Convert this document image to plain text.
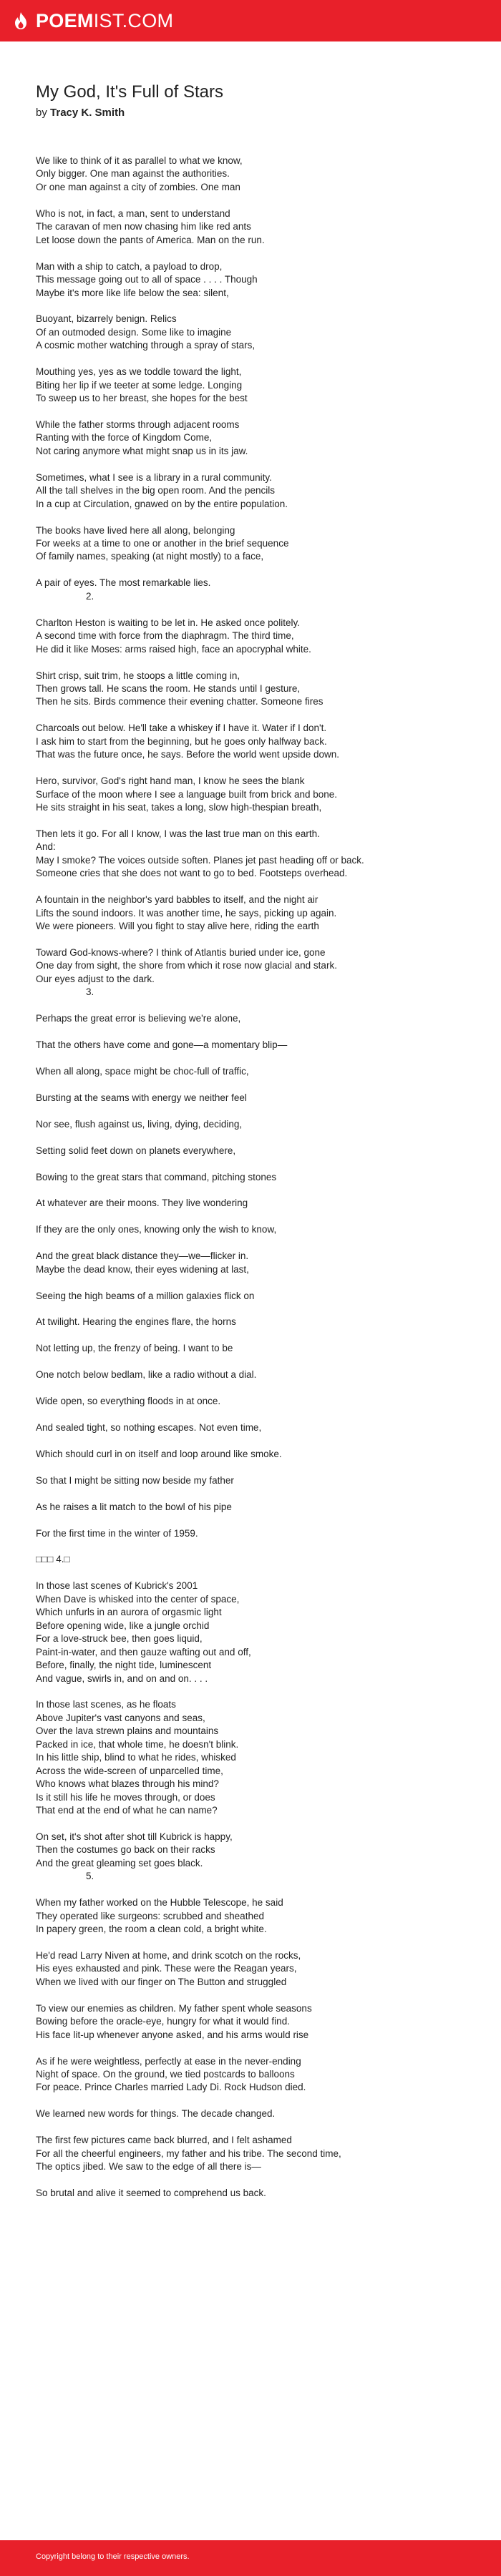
POEMIST.COM
My God, It's Full of Stars
by Tracy K. Smith
We like to think of it as parallel to what we know,
Only bigger. One man against the authorities.
Or one man against a city of zombies. One man
Who is not, in fact, a man, sent to understand
The caravan of men now chasing him like red ants
Let loose down the pants of America. Man on the run.
Man with a ship to catch, a payload to drop,
This message going out to all of space . . . . Though
Maybe it's more like life below the sea: silent,
Buoyant, bizarrely benign. Relics
Of an outmoded design. Some like to imagine
A cosmic mother watching through a spray of stars,
Mouthing yes, yes as we toddle toward the light,
Biting her lip if we teeter at some ledge. Longing
To sweep us to her breast, she hopes for the best
While the father storms through adjacent rooms
Ranting with the force of Kingdom Come,
Not caring anymore what might snap us in its jaw.
Sometimes, what I see is a library in a rural community.
All the tall shelves in the big open room. And the pencils
In a cup at Circulation, gnawed on by the entire population.
The books have lived here all along, belonging
For weeks at a time to one or another in the brief sequence
Of family names, speaking (at night mostly) to a face,
A pair of eyes. The most remarkable lies.
2.
Charlton Heston is waiting to be let in. He asked once politely.
A second time with force from the diaphragm. The third time,
He did it like Moses: arms raised high, face an apocryphal white.
Shirt crisp, suit trim, he stoops a little coming in,
Then grows tall. He scans the room. He stands until I gesture,
Then he sits. Birds commence their evening chatter. Someone fires
Charcoals out below. He'll take a whiskey if I have it. Water if I don't.
I ask him to start from the beginning, but he goes only halfway back.
That was the future once, he says. Before the world went upside down.
Hero, survivor, God's right hand man, I know he sees the blank
Surface of the moon where I see a language built from brick and bone.
He sits straight in his seat, takes a long, slow high-thespian breath,
Then lets it go. For all I know, I was the last true man on this earth.
And:
May I smoke? The voices outside soften. Planes jet past heading off or back.
Someone cries that she does not want to go to bed. Footsteps overhead.
A fountain in the neighbor's yard babbles to itself, and the night air
Lifts the sound indoors. It was another time, he says, picking up again.
We were pioneers. Will you fight to stay alive here, riding the earth
Toward God-knows-where? I think of Atlantis buried under ice, gone
One day from sight, the shore from which it rose now glacial and stark.
Our eyes adjust to the dark.
3.
Perhaps the great error is believing we're alone,
That the others have come and gone—a momentary blip—
When all along, space might be choc-full of traffic,
Bursting at the seams with energy we neither feel
Nor see, flush against us, living, dying, deciding,
Setting solid feet down on planets everywhere,
Bowing to the great stars that command, pitching stones
At whatever are their moons. They live wondering
If they are the only ones, knowing only the wish to know,
And the great black distance they—we—flicker in.
Maybe the dead know, their eyes widening at last,
Seeing the high beams of a million galaxies flick on
At twilight. Hearing the engines flare, the horns
Not letting up, the frenzy of being. I want to be
One notch below bedlam, like a radio without a dial.
Wide open, so everything floods in at once.
And sealed tight, so nothing escapes. Not even time,
Which should curl in on itself and loop around like smoke.
So that I might be sitting now beside my father
As he raises a lit match to the bowl of his pipe
For the first time in the winter of 1959.
□□□ 4.□
In those last scenes of Kubrick's 2001
When Dave is whisked into the center of space,
Which unfurls in an aurora of orgasmic light
Before opening wide, like a jungle orchid
For a love-struck bee, then goes liquid,
Paint-in-water, and then gauze wafting out and off,
Before, finally, the night tide, luminescent
And vague, swirls in, and on and on. . . .
In those last scenes, as he floats
Above Jupiter's vast canyons and seas,
Over the lava strewn plains and mountains
Packed in ice, that whole time, he doesn't blink.
In his little ship, blind to what he rides, whisked
Across the wide-screen of unparcelled time,
Who knows what blazes through his mind?
Is it still his life he moves through, or does
That end at the end of what he can name?
On set, it's shot after shot till Kubrick is happy,
Then the costumes go back on their racks
And the great gleaming set goes black.
5.
When my father worked on the Hubble Telescope, he said
They operated like surgeons: scrubbed and sheathed
In papery green, the room a clean cold, a bright white.
He'd read Larry Niven at home, and drink scotch on the rocks,
His eyes exhausted and pink. These were the Reagan years,
When we lived with our finger on The Button and struggled
To view our enemies as children. My father spent whole seasons
Bowing before the oracle-eye, hungry for what it would find.
His face lit-up whenever anyone asked, and his arms would rise
As if he were weightless, perfectly at ease in the never-ending
Night of space. On the ground, we tied postcards to balloons
For peace. Prince Charles married Lady Di. Rock Hudson died.
We learned new words for things. The decade changed.
The first few pictures came back blurred, and I felt ashamed
For all the cheerful engineers, my father and his tribe. The second time,
The optics jibed. We saw to the edge of all there is—
So brutal and alive it seemed to comprehend us back.
Copyright belong to their respective owners.
